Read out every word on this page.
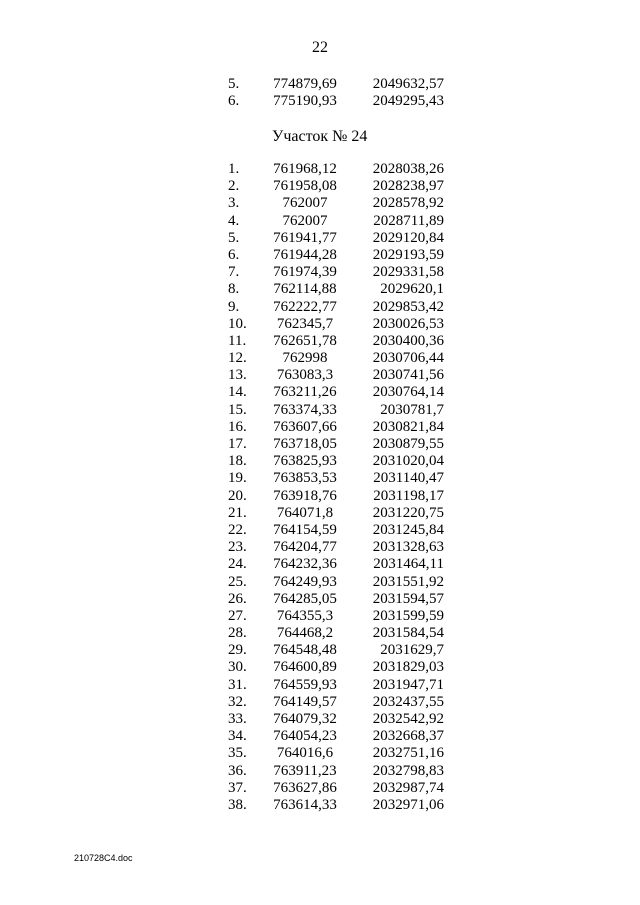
22
5.	774879,69	2049632,57
6.	775190,93	2049295,43
Участок № 24
1.	761968,12	2028038,26
2.	761958,08	2028238,97
3.	762007	2028578,92
4.	762007	2028711,89
5.	761941,77	2029120,84
6.	761944,28	2029193,59
7.	761974,39	2029331,58
8.	762114,88	2029620,1
9.	762222,77	2029853,42
10.	762345,7	2030026,53
11.	762651,78	2030400,36
12.	762998	2030706,44
13.	763083,3	2030741,56
14.	763211,26	2030764,14
15.	763374,33	2030781,7
16.	763607,66	2030821,84
17.	763718,05	2030879,55
18.	763825,93	2031020,04
19.	763853,53	2031140,47
20.	763918,76	2031198,17
21.	764071,8	2031220,75
22.	764154,59	2031245,84
23.	764204,77	2031328,63
24.	764232,36	2031464,11
25.	764249,93	2031551,92
26.	764285,05	2031594,57
27.	764355,3	2031599,59
28.	764468,2	2031584,54
29.	764548,48	2031629,7
30.	764600,89	2031829,03
31.	764559,93	2031947,71
32.	764149,57	2032437,55
33.	764079,32	2032542,92
34.	764054,23	2032668,37
35.	764016,6	2032751,16
36.	763911,23	2032798,83
37.	763627,86	2032987,74
38.	763614,33	2032971,06
210728C4.doc
